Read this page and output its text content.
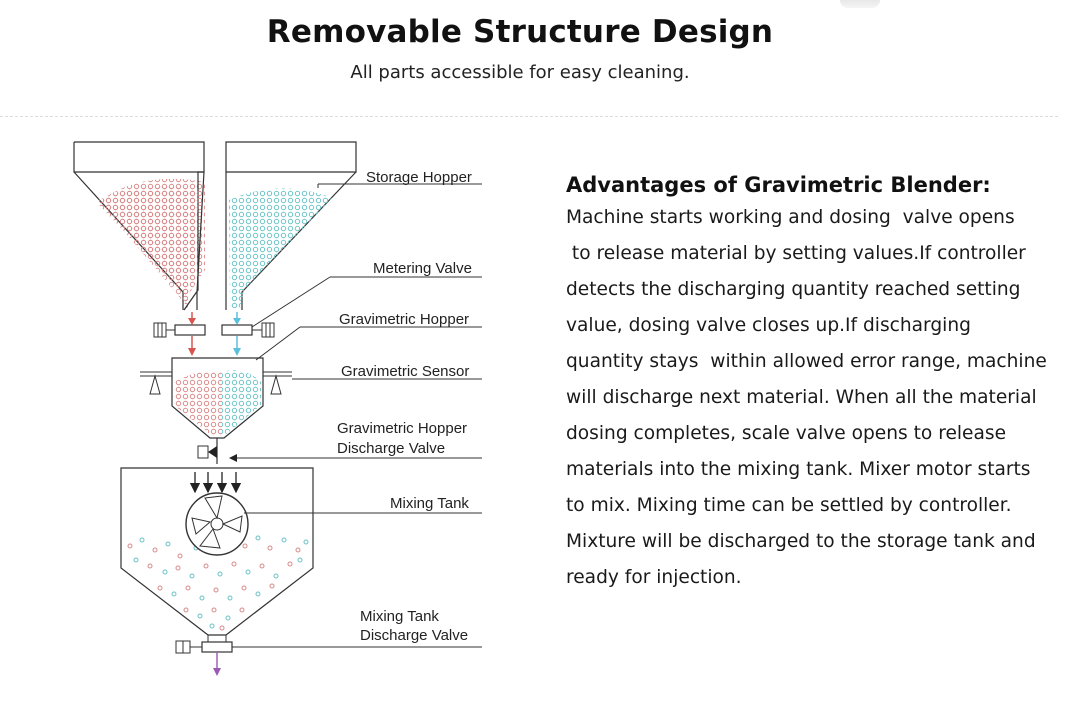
Removable Structure Design
All parts accessible for easy cleaning.
Storage Hopper
Metering Valve
Gravimetric Hopper
Gravimetric Sensor
Gravimetric Hopper
Discharge Valve
Mixing Tank
Mixing Tank
Discharge Valve
Advantages of Gravimetric Blender:
Machine starts working and dosing  valve opens
to release material by setting values.If controller
detects the discharging quantity reached setting
value, dosing valve closes up.If discharging
quantity stays  within allowed error range, machine
will discharge next material. When all the material
dosing completes, scale valve opens to release
materials into the mixing tank. Mixer motor starts
to mix. Mixing time can be settled by controller.
Mixture will be discharged to the storage tank and
ready for injection.
